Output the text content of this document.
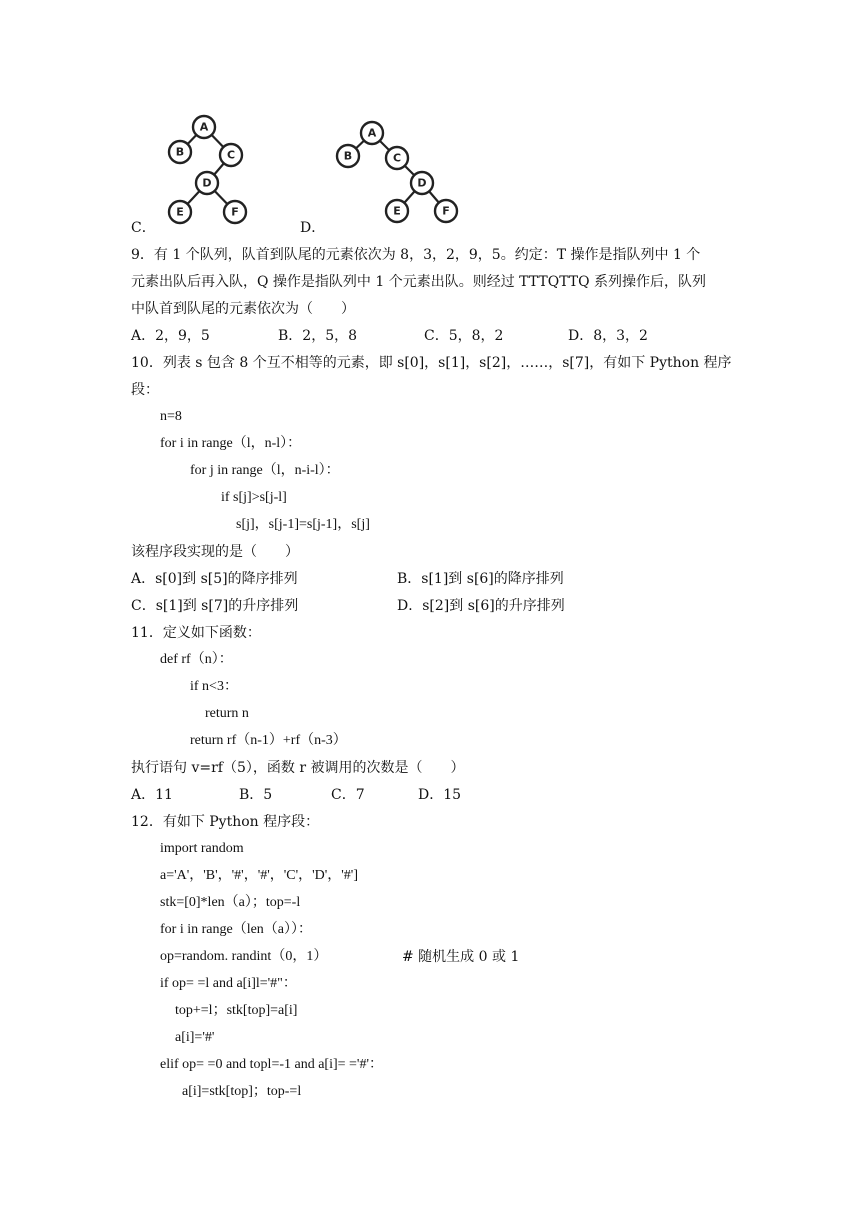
A
B	C
D
E	F
A
B	C
D
E	F
C．	D．
9．有 1 个队列，队首到队尾的元素依次为 8，3，2，9，5。约定：T 操作是指队列中 1 个
元素出队后再入队，Q 操作是指队列中 1 个元素出队。则经过 TTTQTTQ 系列操作后，队列
中队首到队尾的元素依次为（　　）
A．2，9，5	B．2，5，8	C．5，8，2	D．8，3，2
10．列表 s 包含 8 个互不相等的元素，即 s[0]，s[1]，s[2]，……，s[7]，有如下 Python 程序
段：
n=8
for i in range（l，n-l）：
for j in range（l，n-i-l）：
if s[j]>s[j-l]
s[j]，s[j-1]=s[j-1]，s[j]
该程序段实现的是（　　）
A．s[0]到 s[5]的降序排列	B．s[1]到 s[6]的降序排列
C．s[1]到 s[7]的升序排列	D．s[2]到 s[6]的升序排列
11．定义如下函数：
def rf（n）：
if n<3：
return n
return rf（n-1）+rf（n-3）
执行语句 v=rf（5），函数 r 被调用的次数是（　　）
A．11	B．5	C．7	D．15
12．有如下 Python 程序段：
import random
a='A'，'B'，'#'，'#'，'C'，'D'，'#']
stk=[0]*len（a）；top=-l
for i in range（len（a））：
op=random. randint（0，1）	# 随机生成 0 或 1
if op= =l and a[i]l='#"：
top+=l；stk[top]=a[i]
a[i]='#'
elif op= =0 and topl=-1 and a[i]= ='#'：
a[i]=stk[top]；top-=l
